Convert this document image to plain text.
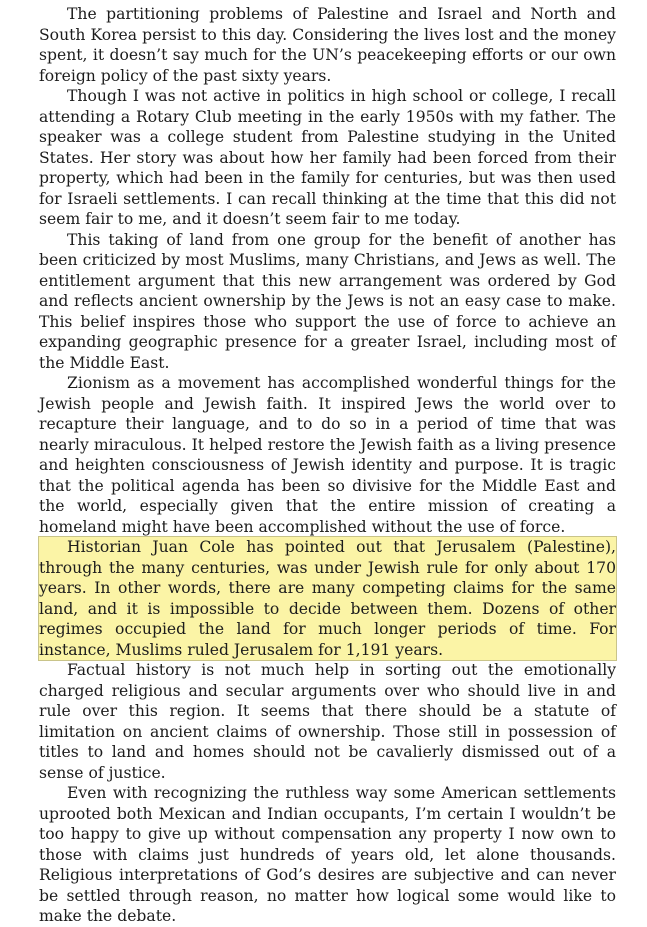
The partitioning problems of Palestine and Israel and North and South Korea persist to this day. Considering the lives lost and the money spent, it doesn’t say much for the UN’s peacekeeping efforts or our own foreign policy of the past sixty years.

Though I was not active in politics in high school or college, I recall attending a Rotary Club meeting in the early 1950s with my father. The speaker was a college student from Palestine studying in the United States. Her story was about how her family had been forced from their property, which had been in the family for centuries, but was then used for Israeli settlements. I can recall thinking at the time that this did not seem fair to me, and it doesn’t seem fair to me today.

This taking of land from one group for the benefit of another has been criticized by most Muslims, many Christians, and Jews as well. The entitlement argument that this new arrangement was ordered by God and reflects ancient ownership by the Jews is not an easy case to make. This belief inspires those who support the use of force to achieve an expanding geographic presence for a greater Israel, including most of the Middle East.

Zionism as a movement has accomplished wonderful things for the Jewish people and Jewish faith. It inspired Jews the world over to recapture their language, and to do so in a period of time that was nearly miraculous. It helped restore the Jewish faith as a living presence and heighten consciousness of Jewish identity and purpose. It is tragic that the political agenda has been so divisive for the Middle East and the world, especially given that the entire mission of creating a homeland might have been accomplished without the use of force.

Historian Juan Cole has pointed out that Jerusalem (Palestine), through the many centuries, was under Jewish rule for only about 170 years. In other words, there are many competing claims for the same land, and it is impossible to decide between them. Dozens of other regimes occupied the land for much longer periods of time. For instance, Muslims ruled Jerusalem for 1,191 years.

Factual history is not much help in sorting out the emotionally charged religious and secular arguments over who should live in and rule over this region. It seems that there should be a statute of limitation on ancient claims of ownership. Those still in possession of titles to land and homes should not be cavalierly dismissed out of a sense of justice.

Even with recognizing the ruthless way some American settlements uprooted both Mexican and Indian occupants, I’m certain I wouldn’t be too happy to give up without compensation any property I now own to those with claims just hundreds of years old, let alone thousands. Religious interpretations of God’s desires are subjective and can never be settled through reason, no matter how logical some would like to make the debate.
